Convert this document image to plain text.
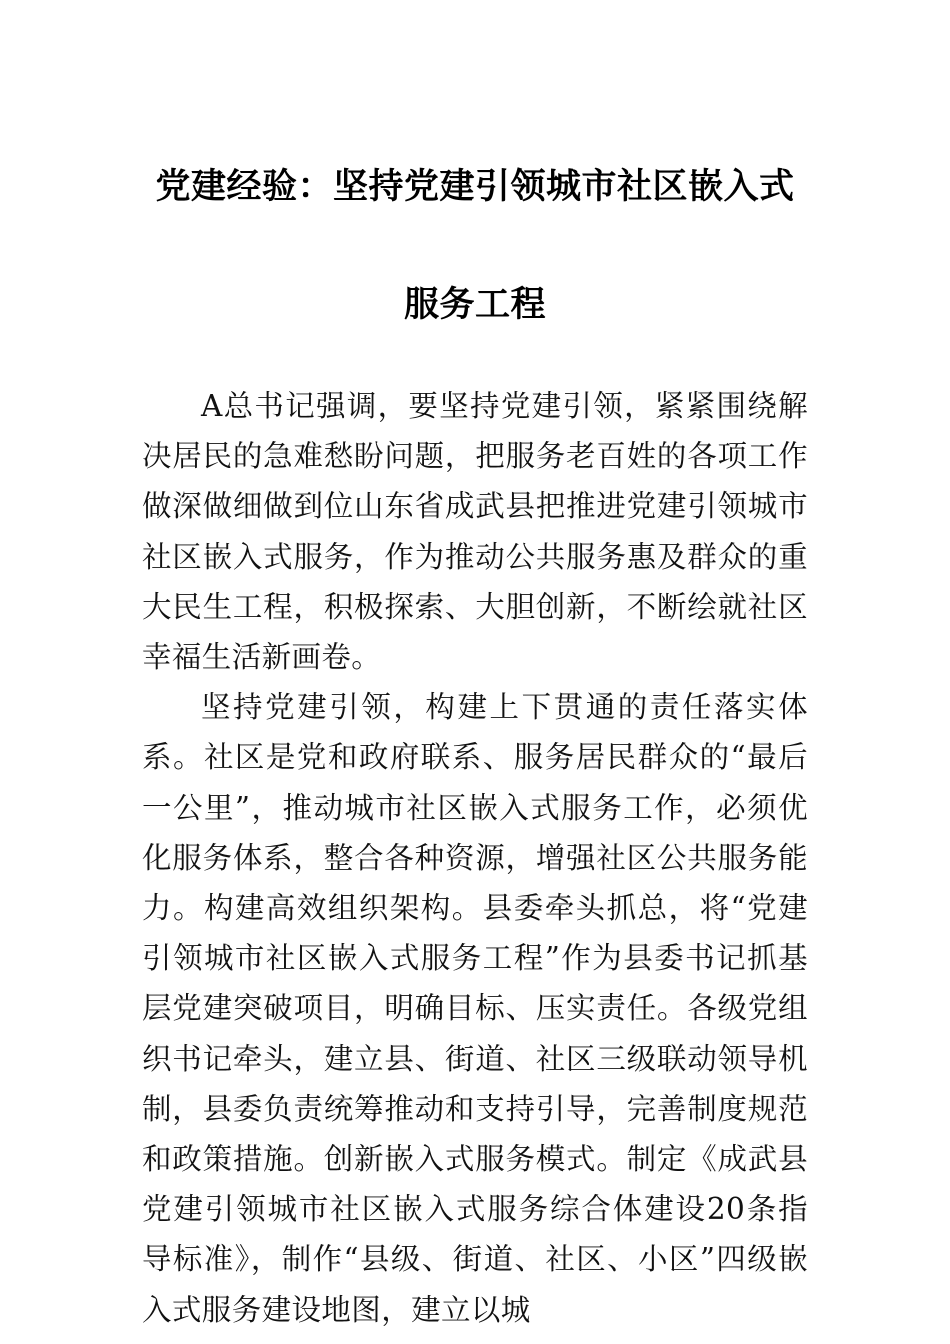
党建经验：坚持党建引领城市社区嵌入式服务工程

A总书记强调，要坚持党建引领，紧紧围绕解决居民的急难愁盼问题，把服务老百姓的各项工作做深做细做到位山东省成武县把推进党建引领城市社区嵌入式服务，作为推动公共服务惠及群众的重大民生工程，积极探索、大胆创新，不断绘就社区幸福生活新画卷。

坚持党建引领，构建上下贯通的责任落实体系。社区是党和政府联系、服务居民群众的“最后一公里”，推动城市社区嵌入式服务工作，必须优化服务体系，整合各种资源，增强社区公共服务能力。构建高效组织架构。县委牵头抓总，将“党建引领城市社区嵌入式服务工程”作为县委书记抓基层党建突破项目，明确目标、压实责任。各级党组织书记牵头，建立县、街道、社区三级联动领导机制，县委负责统筹推动和支持引导，完善制度规范和政策措施。创新嵌入式服务模式。制定《成武县党建引领城市社区嵌入式服务综合体建设20条指导标准》，制作“县级、街道、社区、小区”四级嵌入式服务建设地图，建立以城
